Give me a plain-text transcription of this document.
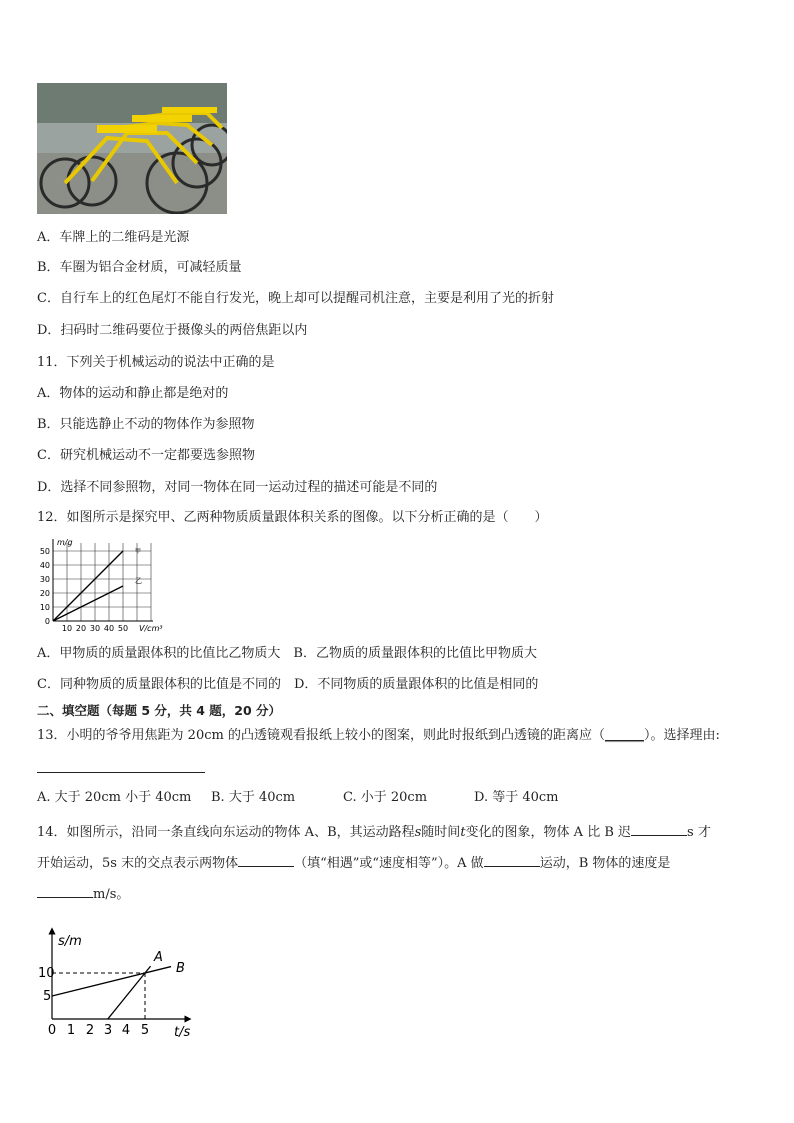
A．车牌上的二维码是光源
B．车圈为铝合金材质，可减轻质量
C．自行车上的红色尾灯不能自行发光，晚上却可以提醒司机注意，主要是利用了光的折射
D．扫码时二维码要位于摄像头的两倍焦距以内
11．下列关于机械运动的说法中正确的是
A．物体的运动和静止都是绝对的
B．只能选静止不动的物体作为参照物
C．研究机械运动不一定都要选参照物
D．选择不同参照物，对同一物体在同一运动过程的描述可能是不同的
12．如图所示是探究甲、乙两种物质质量跟体积关系的图像。以下分析正确的是（　　）
m/g
V/cm³
甲
乙
50
40
30
20
10
0
10 20 30 40 50
A．甲物质的质量跟体积的比值比乙物质大　B．乙物质的质量跟体积的比值比甲物质大
C．同种物质的质量跟体积的比值是不同的　D．不同物质的质量跟体积的比值是相同的
二、填空题（每题 5 分，共 4 题，20 分）
13．小明的爷爷用焦距为 20cm 的凸透镜观看报纸上较小的图案，则此时报纸到凸透镜的距离应（______）。选择理由:
A. 大于 20cm 小于 40cm B. 大于 40cm	C. 小于 20cm	D. 等于 40cm
14．如图所示，沿同一条直线向东运动的物体 A、B，其运动路程s随时间t变化的图象，物体 A 比 B 迟	s 才
开始运动，5s 末的交点表示两物体	（填“相遇”或“速度相等”）。A 做	运动，B 物体的速度是
m/s。
s/m
t/s
10
5
0 1 2 3 4 5
A
B
